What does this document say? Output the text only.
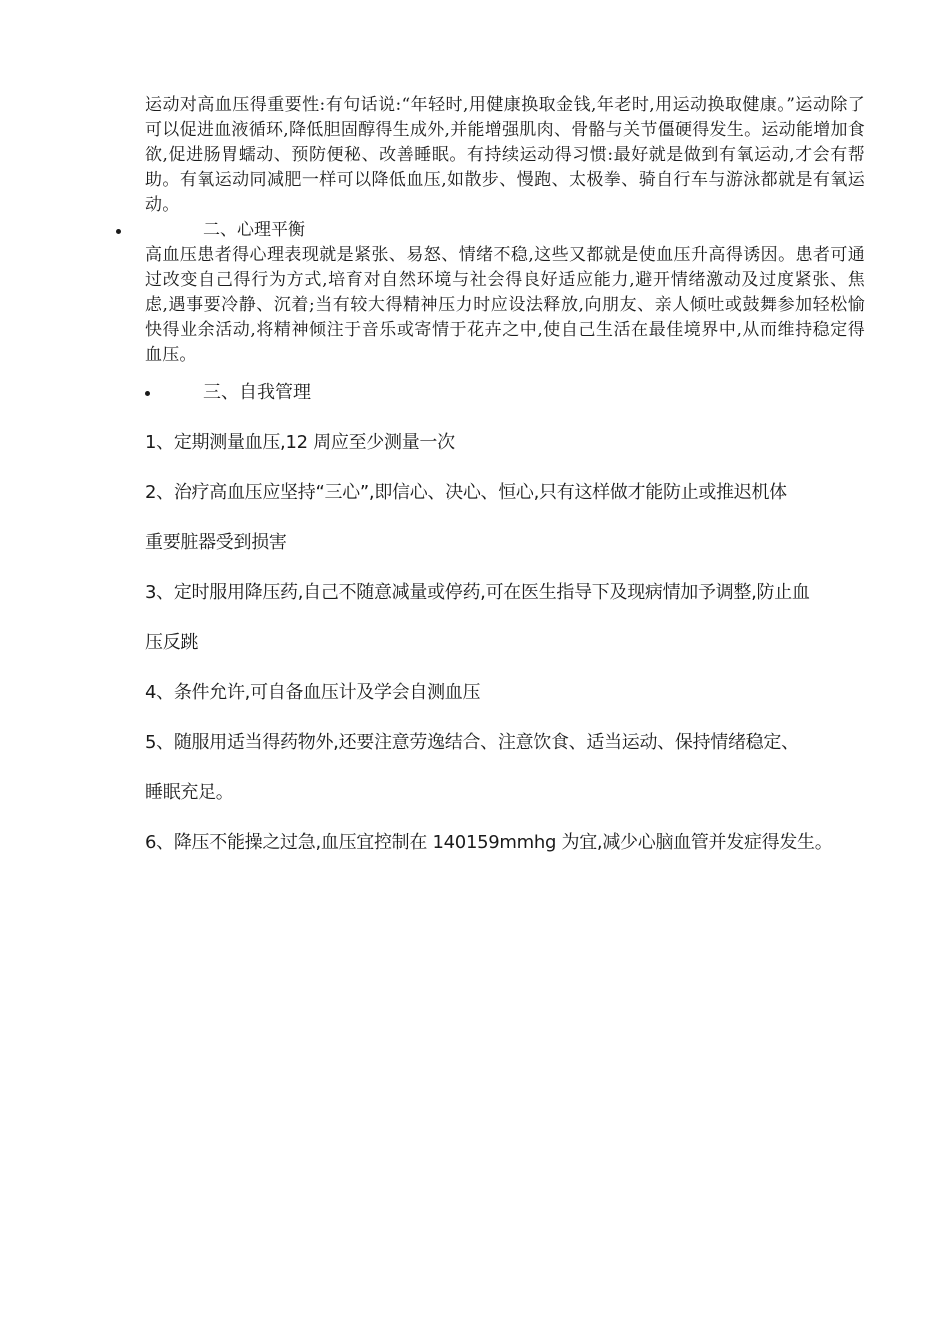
运动对高血压得重要性:有句话说:“年轻时,用健康换取金钱,年老时,用运动换取健康。”运动除了可以促进血液循环,降低胆固醇得生成外,并能增强肌肉、骨骼与关节僵硬得发生。运动能增加食欲,促进肠胃蠕动、预防便秘、改善睡眠。有持续运动得习惯:最好就是做到有氧运动,才会有帮助。有氧运动同减肥一样可以降低血压,如散步、慢跑、太极拳、骑自行车与游泳都就是有氧运动。

二、心理平衡

高血压患者得心理表现就是紧张、易怒、情绪不稳,这些又都就是使血压升高得诱因。患者可通过改变自己得行为方式,培育对自然环境与社会得良好适应能力,避开情绪激动及过度紧张、焦虑,遇事要冷静、沉着;当有较大得精神压力时应设法释放,向朋友、亲人倾吐或鼓舞参加轻松愉快得业余活动,将精神倾注于音乐或寄情于花卉之中,使自己生活在最佳境界中,从而维持稳定得血压。

三、自我管理
1、定期测量血压,12 周应至少测量一次
2、治疗高血压应坚持“三心”,即信心、决心、恒心,只有这样做才能防止或推迟机体
重要脏器受到损害
3、定时服用降压药,自己不随意减量或停药,可在医生指导下及现病情加予调整,防止血
压反跳
4、条件允许,可自备血压计及学会自测血压
5、随服用适当得药物外,还要注意劳逸结合、注意饮食、适当运动、保持情绪稳定、
睡眠充足。
6、降压不能操之过急,血压宜控制在 140159mmhg 为宜,减少心脑血管并发症得发生。
